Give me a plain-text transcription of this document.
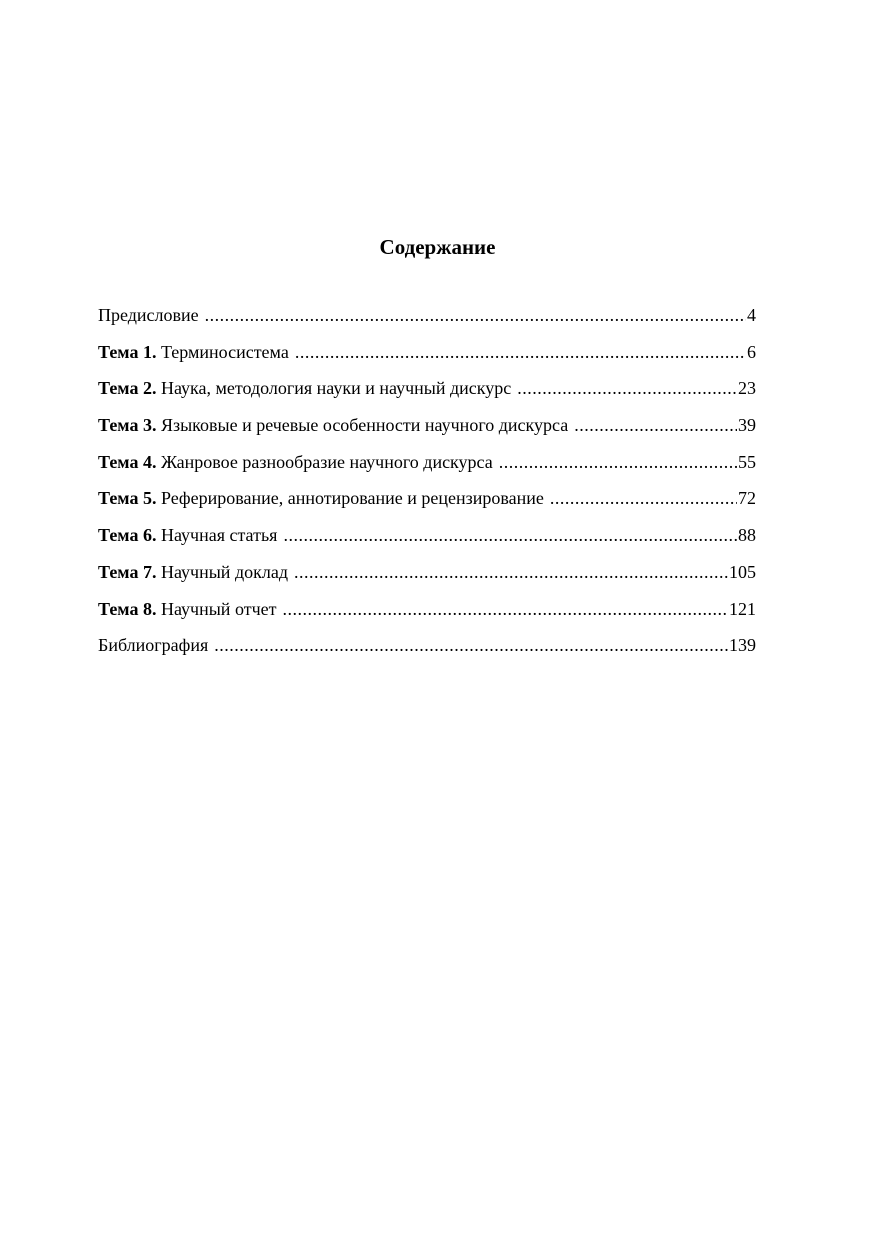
Содержание
Предисловие .....	4
Тема 1. Терминосистема .....	6
Тема 2. Наука, методология науки и научный дискурс .....	23
Тема 3. Языковые и речевые особенности научного дискурса .....	39
Тема 4. Жанровое разнообразие научного дискурса .....	55
Тема 5. Реферирование, аннотирование и рецензирование .....	72
Тема 6. Научная статья .....	88
Тема 7. Научный доклад .....	105
Тема 8. Научный отчет .....	121
Библиография .....	139
